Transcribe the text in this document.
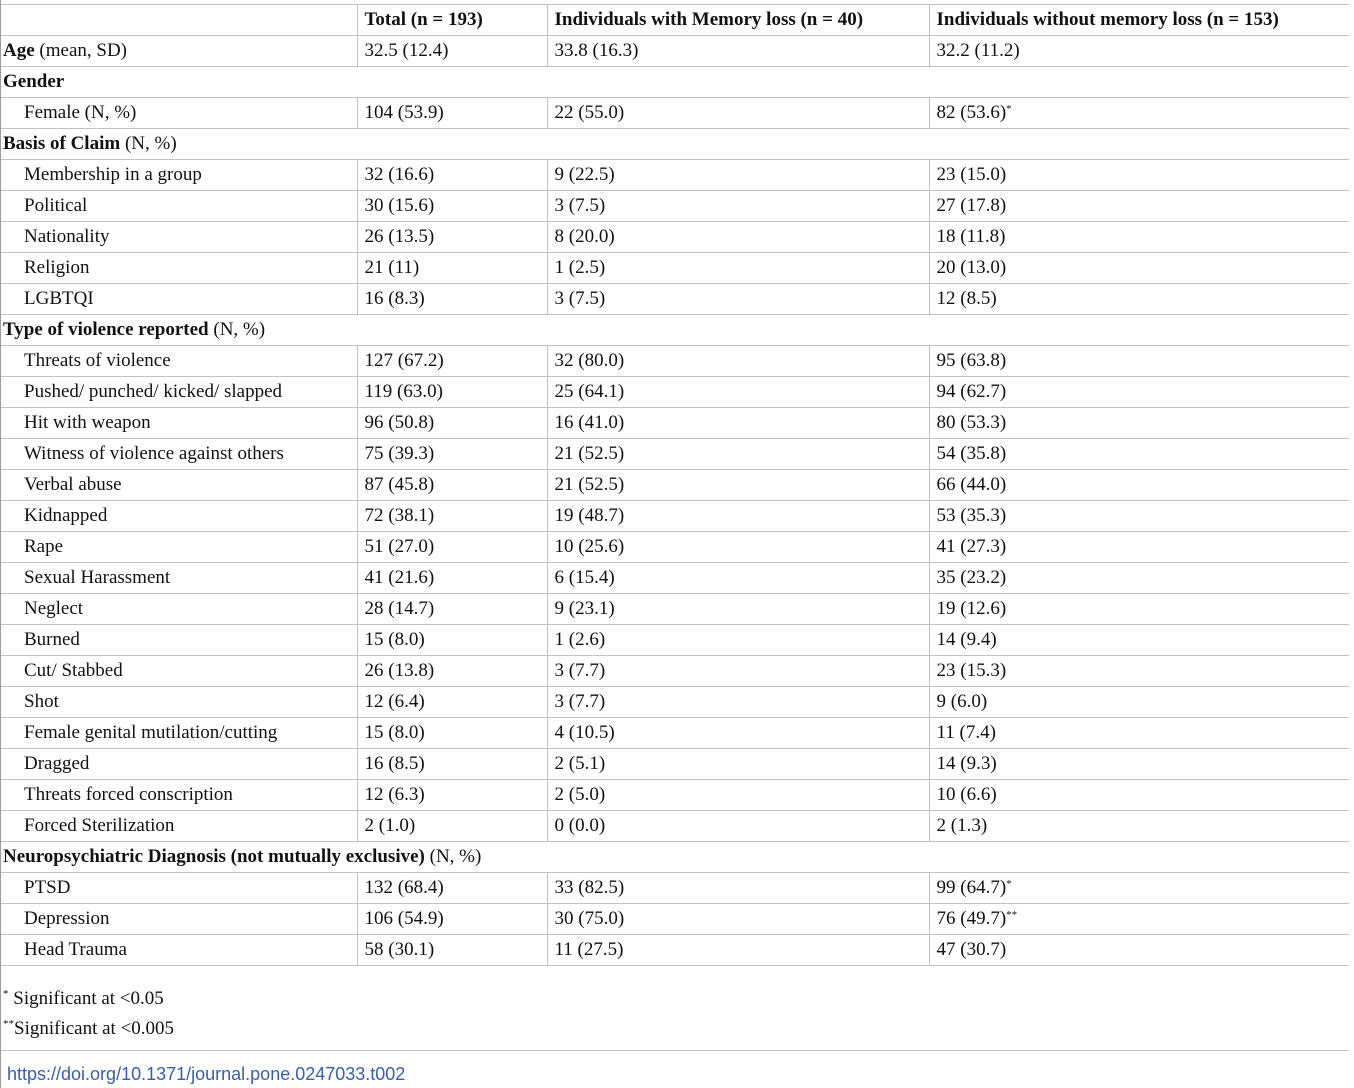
	Total (n = 193)	Individuals with Memory loss (n = 40)	Individuals without memory loss (n = 153)
Age (mean, SD)	32.5 (12.4)	33.8 (16.3)	32.2 (11.2)
Gender			
Female (N, %)	104 (53.9)	22 (55.0)	82 (53.6)*
Basis of Claim (N, %)			
Membership in a group	32 (16.6)	9 (22.5)	23 (15.0)
Political	30 (15.6)	3 (7.5)	27 (17.8)
Nationality	26 (13.5)	8 (20.0)	18 (11.8)
Religion	21 (11)	1 (2.5)	20 (13.0)
LGBTQI	16 (8.3)	3 (7.5)	12 (8.5)
Type of violence reported (N, %)			
Threats of violence	127 (67.2)	32 (80.0)	95 (63.8)
Pushed/ punched/ kicked/ slapped	119 (63.0)	25 (64.1)	94 (62.7)
Hit with weapon	96 (50.8)	16 (41.0)	80 (53.3)
Witness of violence against others	75 (39.3)	21 (52.5)	54 (35.8)
Verbal abuse	87 (45.8)	21 (52.5)	66 (44.0)
Kidnapped	72 (38.1)	19 (48.7)	53 (35.3)
Rape	51 (27.0)	10 (25.6)	41 (27.3)
Sexual Harassment	41 (21.6)	6 (15.4)	35 (23.2)
Neglect	28 (14.7)	9 (23.1)	19 (12.6)
Burned	15 (8.0)	1 (2.6)	14 (9.4)
Cut/ Stabbed	26 (13.8)	3 (7.7)	23 (15.3)
Shot	12 (6.4)	3 (7.7)	9 (6.0)
Female genital mutilation/cutting	15 (8.0)	4 (10.5)	11 (7.4)
Dragged	16 (8.5)	2 (5.1)	14 (9.3)
Threats forced conscription	12 (6.3)	2 (5.0)	10 (6.6)
Forced Sterilization	2 (1.0)	0 (0.0)	2 (1.3)
Neuropsychiatric Diagnosis (not mutually exclusive) (N, %)			
PTSD	132 (68.4)	33 (82.5)	99 (64.7)*
Depression	106 (54.9)	30 (75.0)	76 (49.7)**
Head Trauma	58 (30.1)	11 (27.5)	47 (30.7)
* Significant at <0.05
**Significant at <0.005
https://doi.org/10.1371/journal.pone.0247033.t002
